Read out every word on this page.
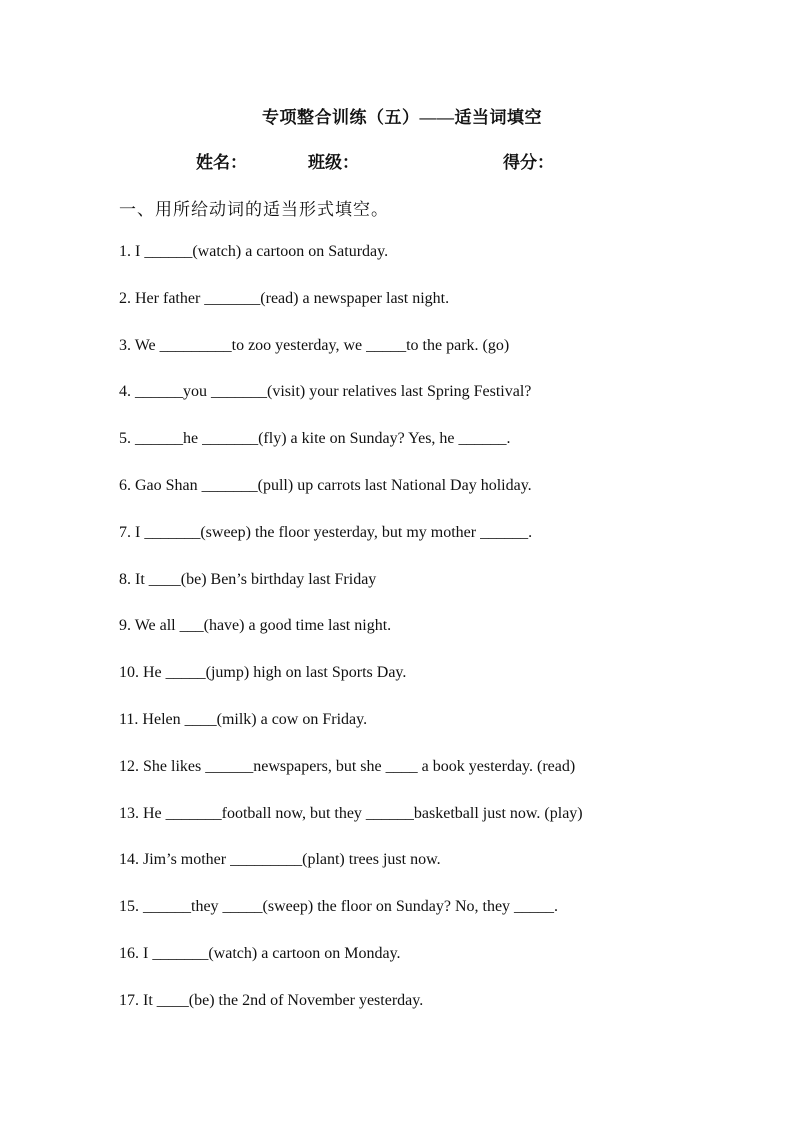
专项整合训练（五）——适当词填空
姓名：	班级：	得分：
一、用所给动词的适当形式填空。
1. I ______(watch) a cartoon on Saturday.
2. Her father _______(read) a newspaper last night.
3. We _________to zoo yesterday, we _____to the park. (go)
4. ______you _______(visit) your relatives last Spring Festival?
5. ______he _______(fly) a kite on Sunday? Yes, he ______.
6. Gao Shan _______(pull) up carrots last National Day holiday.
7. I _______(sweep) the floor yesterday, but my mother ______.
8. It ____(be) Ben’s birthday last Friday
9. We all ___(have) a good time last night.
10. He _____(jump) high on last Sports Day.
11. Helen ____(milk) a cow on Friday.
12. She likes ______newspapers, but she ____ a book yesterday. (read)
13. He _______football now, but they ______basketball just now. (play)
14. Jim’s mother _________(plant) trees just now.
15. ______they _____(sweep) the floor on Sunday? No, they _____.
16. I _______(watch) a cartoon on Monday.
17. It ____(be) the 2nd of November yesterday.
